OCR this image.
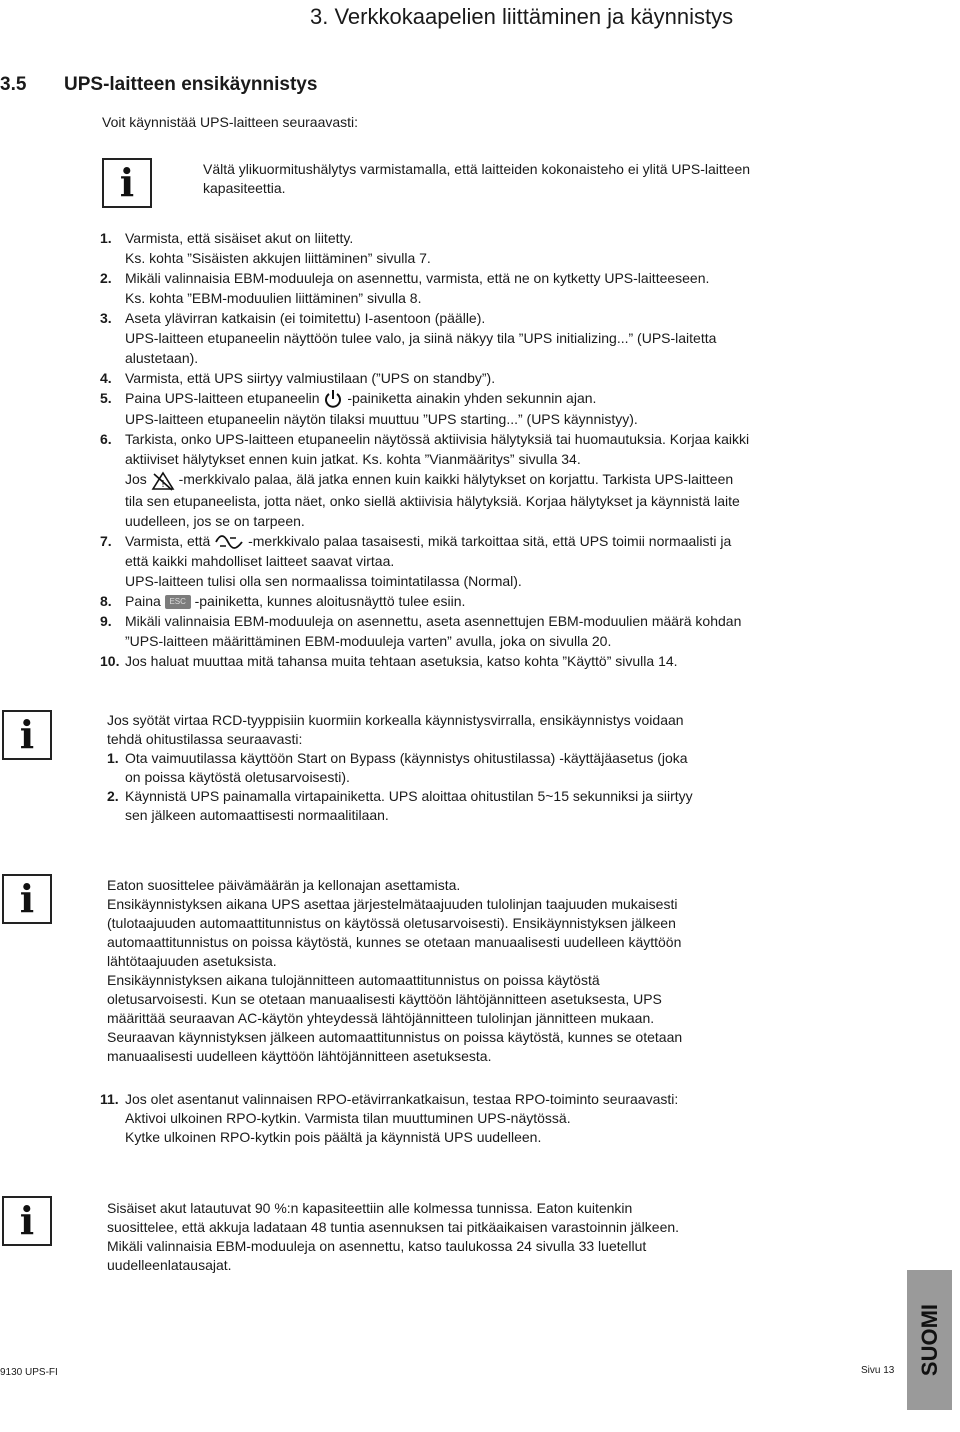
3. Verkkokaapelien liittäminen ja käynnistys
3.5 UPS-laitteen ensikäynnistys
Voit käynnistää UPS-laitteen seuraavasti:
i	Vältä ylikuormitushälytys varmistamalla, että laitteiden kokonaisteho ei ylitä UPS-laitteen
kapasiteettia.
1. Varmista, että sisäiset akut on liitetty.
Ks. kohta ”Sisäisten akkujen liittäminen” sivulla 7.
2. Mikäli valinnaisia EBM-moduuleja on asennettu, varmista, että ne on kytketty UPS-laitteeseen.
Ks. kohta ”EBM-moduulien liittäminen” sivulla 8.
3. Aseta ylävirran katkaisin (ei toimitettu) I-asentoon (päälle).
UPS-laitteen etupaneelin näyttöön tulee valo, ja siinä näkyy tila ”UPS initializing...” (UPS-laitetta
alustetaan).
4. Varmista, että UPS siirtyy valmiustilaan (”UPS on standby”).
5. Paina UPS-laitteen etupaneelin -painiketta ainakin yhden sekunnin ajan.
UPS-laitteen etupaneelin näytön tilaksi muuttuu ”UPS starting...” (UPS käynnistyy).
6. Tarkista, onko UPS-laitteen etupaneelin näytössä aktiivisia hälytyksiä tai huomautuksia. Korjaa kaikki
aktiiviset hälytykset ennen kuin jatkat. Ks. kohta ”Vianmääritys” sivulla 34.
Jos ! -merkkivalo palaa, älä jatka ennen kuin kaikki hälytykset on korjattu. Tarkista UPS-laitteen
tila sen etupaneelista, jotta näet, onko siellä aktiivisia hälytyksiä. Korjaa hälytykset ja käynnistä laite
uudelleen, jos se on tarpeen.
7. Varmista, että	-merkkivalo palaa tasaisesti, mikä tarkoittaa sitä, että UPS toimii normaalisti ja
että kaikki mahdolliset laitteet saavat virtaa.
UPS-laitteen tulisi olla sen normaalissa toimintatilassa (Normal).
8. Paina ESC -painiketta, kunnes aloitusnäyttö tulee esiin.
9. Mikäli valinnaisia EBM-moduuleja on asennettu, aseta asennettujen EBM-moduulien määrä kohdan
”UPS-laitteen määrittäminen EBM-moduuleja varten” avulla, joka on sivulla 20.
10. Jos haluat muuttaa mitä tahansa muita tehtaan asetuksia, katso kohta ”Käyttö” sivulla 14.
i	Jos syötät virtaa RCD-tyyppisiin kuormiin korkealla käynnistysvirralla, ensikäynnistys voidaan
tehdä ohitustilassa seuraavasti:
1. Ota vaimuutilassa käyttöön Start on Bypass (käynnistys ohitustilassa) -käyttäjäasetus (joka
on poissa käytöstä oletusarvoisesti).
2. Käynnistä UPS painamalla virtapainiketta. UPS aloittaa ohitustilan 5~15 sekunniksi ja siirtyy
sen jälkeen automaattisesti normaalitilaan.
i	Eaton suosittelee päivämäärän ja kellonajan asettamista.
Ensikäynnistyksen aikana UPS asettaa järjestelmätaajuuden tulolinjan taajuuden mukaisesti
(tulotaajuuden automaattitunnistus on käytössä oletusarvoisesti). Ensikäynnistyksen jälkeen
automaattitunnistus on poissa käytöstä, kunnes se otetaan manuaalisesti uudelleen käyttöön
lähtötaajuuden asetuksista.
Ensikäynnistyksen aikana tulojännitteen automaattitunnistus on poissa käytöstä
oletusarvoisesti. Kun se otetaan manuaalisesti käyttöön lähtöjännitteen asetuksesta, UPS
määrittää seuraavan AC-käytön yhteydessä lähtöjännitteen tulolinjan jännitteen mukaan.
Seuraavan käynnistyksen jälkeen automaattitunnistus on poissa käytöstä, kunnes se otetaan
manuaalisesti uudelleen käyttöön lähtöjännitteen asetuksesta.
11. Jos olet asentanut valinnaisen RPO-etävirrankatkaisun, testaa RPO-toiminto seuraavasti:
Aktivoi ulkoinen RPO-kytkin. Varmista tilan muuttuminen UPS-näytössä.
Kytke ulkoinen RPO-kytkin pois päältä ja käynnistä UPS uudelleen.
i	Sisäiset akut latautuvat 90 %:n kapasiteettiin alle kolmessa tunnissa. Eaton kuitenkin
suosittelee, että akkuja ladataan 48 tuntia asennuksen tai pitkäaikaisen varastoinnin jälkeen.
Mikäli valinnaisia EBM-moduuleja on asennettu, katso taulukossa 24 sivulla 33 luetellut
uudelleenlatausajat.
9130 UPS-FI	Sivu 13 SUOMI
